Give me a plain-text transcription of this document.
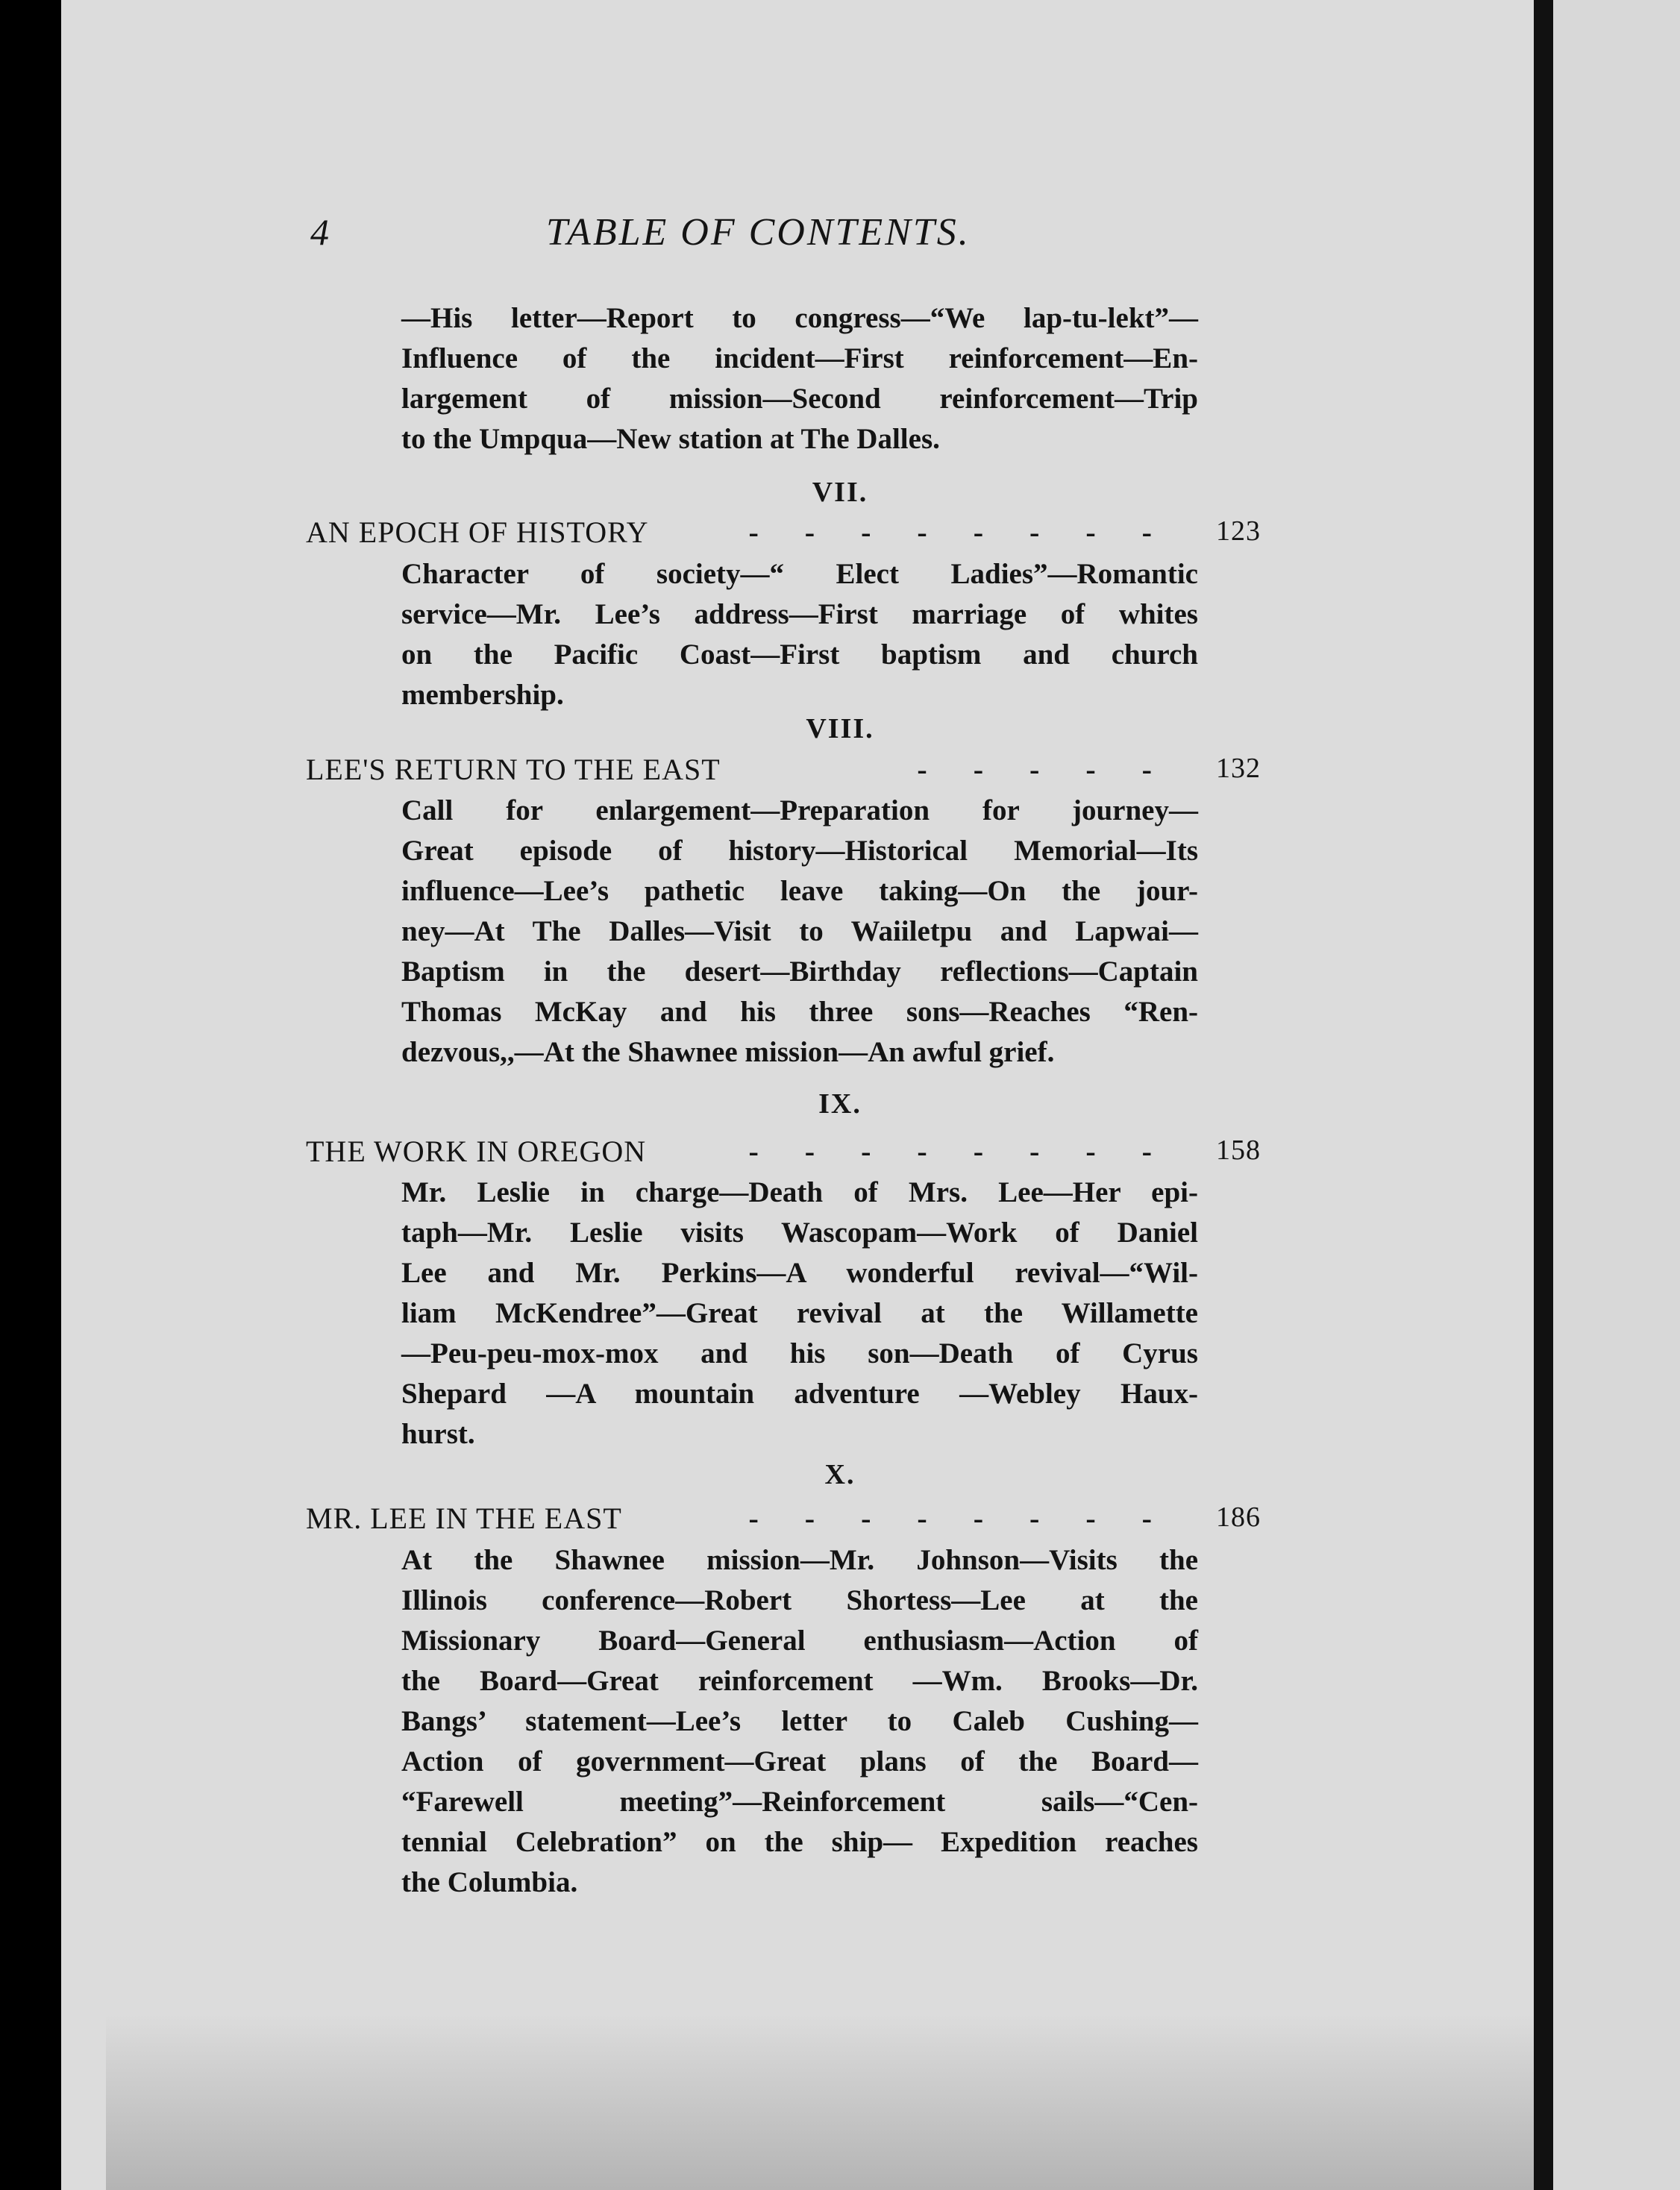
4	TABLE OF CONTENTS.
—His letter—Report to congress—“We lap-tu-lekt”—
Influence of the incident—First reinforcement—En-
largement of mission—Second reinforcement—Trip
to the Umpqua—New station at The Dalles.
VII.
AN EPOCH OF HISTORY	- - - - - - - - 123
Character of society—“ Elect Ladies”—Romantic
service—Mr. Lee’s address—First marriage of whites
on the Pacific Coast—First baptism and church
membership.
VIII.
LEE'S RETURN TO THE EAST	- - - - - 132
Call for enlargement—Preparation for journey—
Great episode of history—Historical Memorial—Its
influence—Lee’s pathetic leave taking—On the jour-
ney—At The Dalles—Visit to Waiiletpu and Lapwai—
Baptism in the desert—Birthday reflections—Captain
Thomas McKay and his three sons—Reaches “Ren-
dezvous,,—At the Shawnee mission—An awful grief.
IX.
THE WORK IN OREGON	- - - - - - - - 158
Mr. Leslie in charge—Death of Mrs. Lee—Her epi-
taph—Mr. Leslie visits Wascopam—Work of Daniel
Lee and Mr. Perkins—A wonderful revival—“Wil-
liam McKendree”—Great revival at the Willamette
—Peu-peu-mox-mox and his son—Death of Cyrus
Shepard —A mountain adventure —Webley Haux-
hurst.
X.
MR. LEE IN THE EAST	- - - - - - - - 186
At the Shawnee mission—Mr. Johnson—Visits the
Illinois conference—Robert Shortess—Lee at the
Missionary Board—General enthusiasm—Action of
the Board—Great reinforcement —Wm. Brooks—Dr.
Bangs’ statement—Lee’s letter to Caleb Cushing—
Action of government—Great plans of the Board—
“Farewell meeting”—Reinforcement sails—“Cen-
tennial Celebration” on the ship— Expedition reaches
the Columbia.
